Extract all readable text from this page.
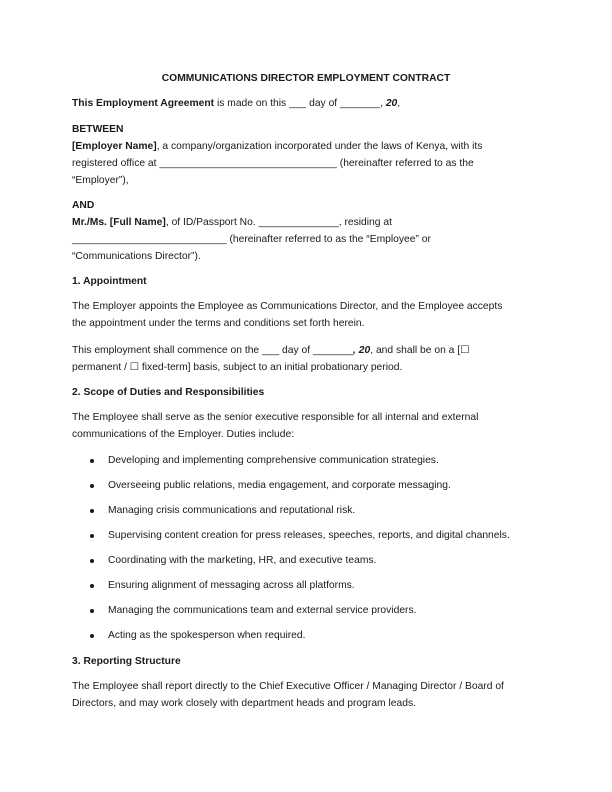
COMMUNICATIONS DIRECTOR EMPLOYMENT CONTRACT
This Employment Agreement is made on this ___ day of _______, 20,
BETWEEN
[Employer Name], a company/organization incorporated under the laws of Kenya, with its
registered office at _______________________________ (hereinafter referred to as the
“Employer”),
AND
Mr./Ms. [Full Name], of ID/Passport No. ______________, residing at
___________________________ (hereinafter referred to as the “Employee” or
“Communications Director”).
1. Appointment
The Employer appoints the Employee as Communications Director, and the Employee accepts
the appointment under the terms and conditions set forth herein.
This employment shall commence on the ___ day of _______, 20, and shall be on a [☐
permanent / ☐ fixed-term] basis, subject to an initial probationary period.
2. Scope of Duties and Responsibilities
The Employee shall serve as the senior executive responsible for all internal and external
communications of the Employer. Duties include:
Developing and implementing comprehensive communication strategies.
Overseeing public relations, media engagement, and corporate messaging.
Managing crisis communications and reputational risk.
Supervising content creation for press releases, speeches, reports, and digital channels.
Coordinating with the marketing, HR, and executive teams.
Ensuring alignment of messaging across all platforms.
Managing the communications team and external service providers.
Acting as the spokesperson when required.
3. Reporting Structure
The Employee shall report directly to the Chief Executive Officer / Managing Director / Board of
Directors, and may work closely with department heads and program leads.
